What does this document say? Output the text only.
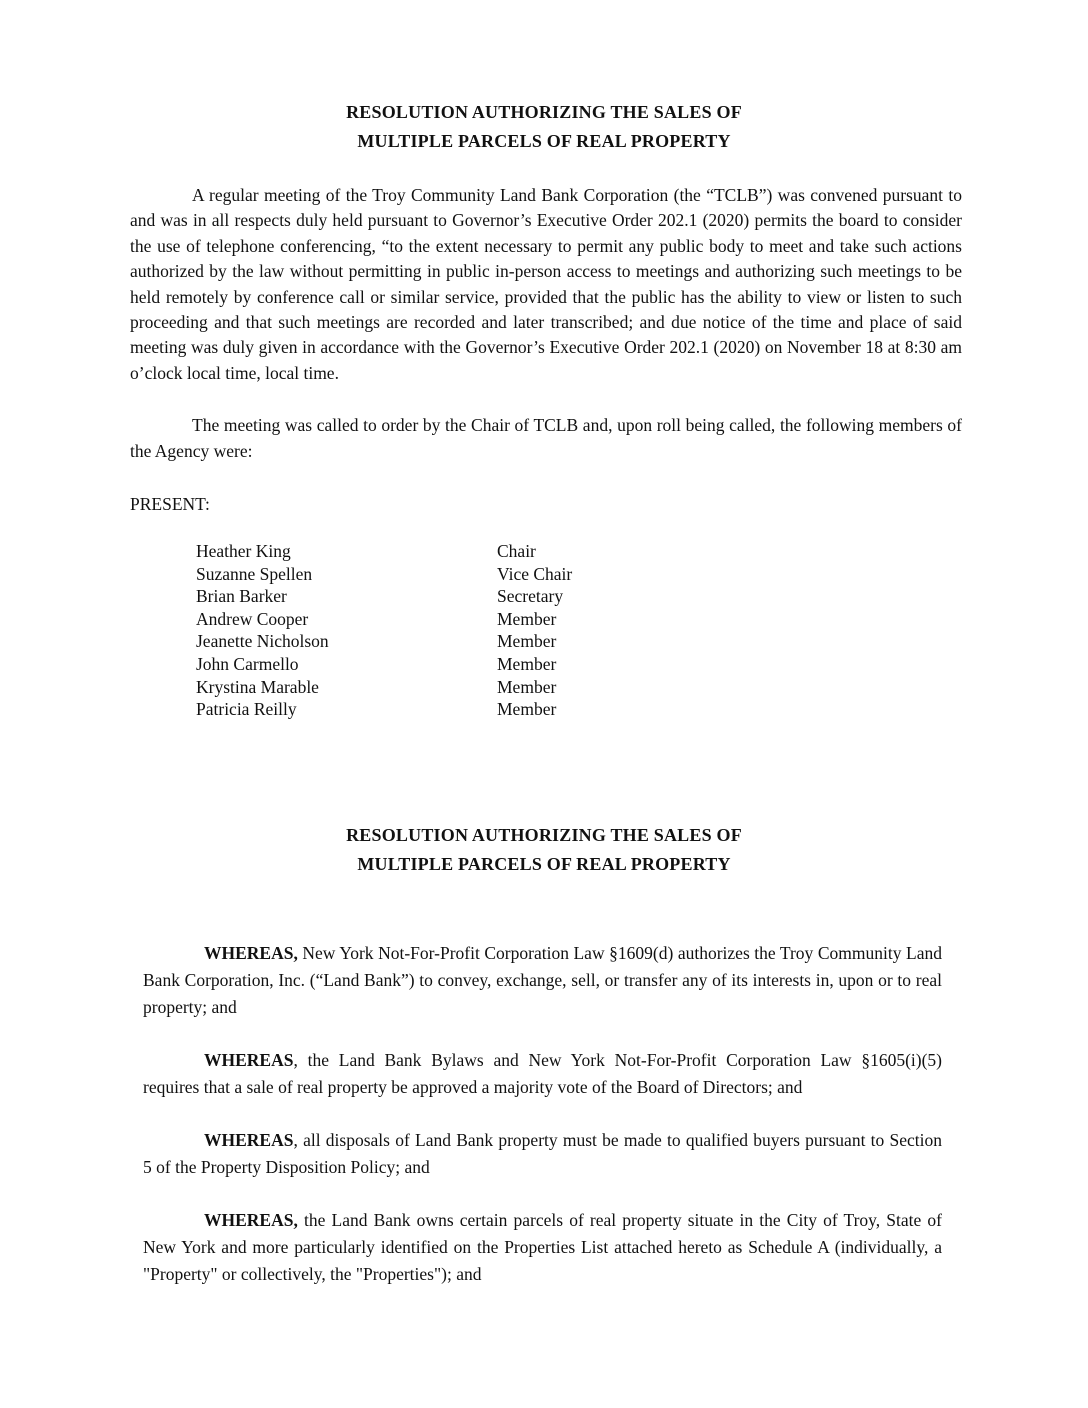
RESOLUTION AUTHORIZING THE SALES OF
MULTIPLE PARCELS OF REAL PROPERTY

A regular meeting of the Troy Community Land Bank Corporation (the “TCLB”) was convened pursuant to and was in all respects duly held pursuant to Governor’s Executive Order 202.1 (2020) permits the board to consider the use of telephone conferencing, “to the extent necessary to permit any public body to meet and take such actions authorized by the law without permitting in public in-person access to meetings and authorizing such meetings to be held remotely by conference call or similar service, provided that the public has the ability to view or listen to such proceeding and that such meetings are recorded and later transcribed; and due notice of the time and place of said meeting was duly given in accordance with the Governor’s Executive Order 202.1 (2020) on November 18 at 8:30 am o’clock local time, local time.

The meeting was called to order by the Chair of TCLB and, upon roll being called, the following members of the Agency were:

PRESENT:
Heather King	Chair
Suzanne Spellen	Vice Chair
Brian Barker	Secretary
Andrew Cooper	Member
Jeanette Nicholson	Member
John Carmello	Member
Krystina Marable	Member
Patricia Reilly	Member
RESOLUTION AUTHORIZING THE SALES OF
MULTIPLE PARCELS OF REAL PROPERTY

WHEREAS, New York Not-For-Profit Corporation Law §1609(d) authorizes the Troy Community Land Bank Corporation, Inc. (“Land Bank”) to convey, exchange, sell, or transfer any of its interests in, upon or to real property; and

WHEREAS, the Land Bank Bylaws and New York Not-For-Profit Corporation Law §1605(i)(5) requires that a sale of real property be approved a majority vote of the Board of Directors; and

WHEREAS, all disposals of Land Bank property must be made to qualified buyers pursuant to Section 5 of the Property Disposition Policy; and

WHEREAS, the Land Bank owns certain parcels of real property situate in the City of Troy, State of New York and more particularly identified on the Properties List attached hereto as Schedule A (individually, a "Property" or collectively, the "Properties"); and
